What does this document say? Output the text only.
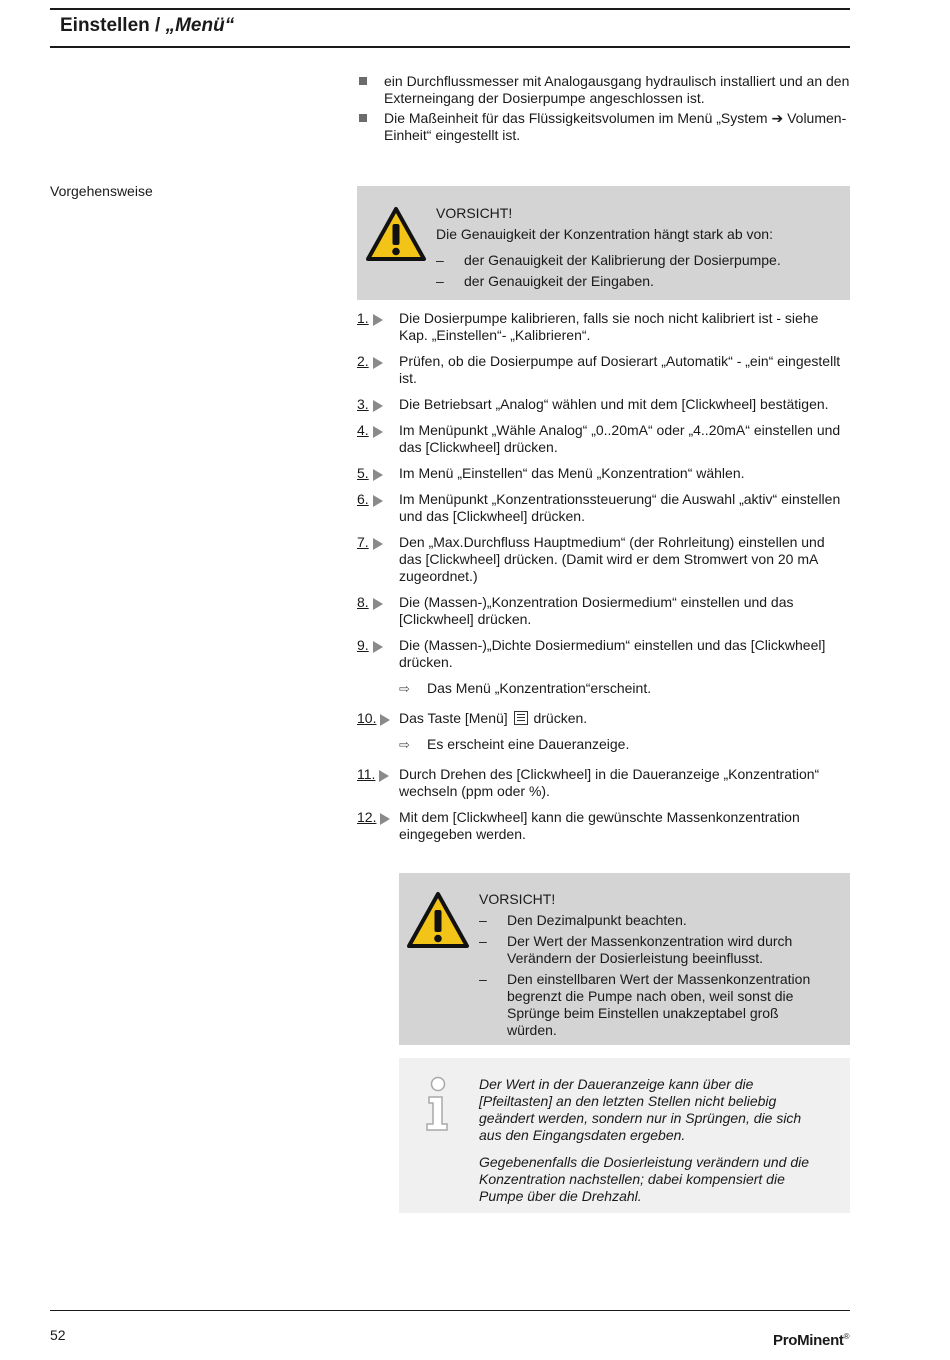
Einstellen / „Menü“
ein Durchflussmesser mit Analogausgang hydraulisch installiert und an den Externeingang der Dosierpumpe angeschlossen ist.
Die Maßeinheit für das Flüssigkeitsvolumen im Menü „System ➔ Volumen-Einheit“ eingestellt ist.
Vorgehensweise
VORSICHT!
Die Genauigkeit der Konzentration hängt stark ab von:
– der Genauigkeit der Kalibrierung der Dosierpumpe.
– der Genauigkeit der Eingaben.
1. Die Dosierpumpe kalibrieren, falls sie noch nicht kalibriert ist - siehe Kap. „Einstellen“- „Kalibrieren“.
2. Prüfen, ob die Dosierpumpe auf Dosierart „Automatik“ - „ein“ eingestellt ist.
3. Die Betriebsart „Analog“ wählen und mit dem [Clickwheel] bestätigen.
4. Im Menüpunkt „Wähle Analog“ „0..20mA“ oder „4..20mA“ einstellen und das [Clickwheel] drücken.
5. Im Menü „Einstellen“ das Menü „Konzentration“ wählen.
6. Im Menüpunkt „Konzentrationssteuerung“ die Auswahl „aktiv“ einstellen und das [Clickwheel] drücken.
7. Den „Max.Durchfluss Hauptmedium“ (der Rohrleitung) einstellen und das [Clickwheel] drücken. (Damit wird er dem Stromwert von 20 mA zugeordnet.)
8. Die (Massen-)„Konzentration Dosiermedium“ einstellen und das [Clickwheel] drücken.
9. Die (Massen-)„Dichte Dosiermedium“ einstellen und das [Clickwheel] drücken.
⇨ Das Menü „Konzentration“erscheint.
10. Das Taste [Menü] drücken.
⇨ Es erscheint eine Daueranzeige.
11. Durch Drehen des [Clickwheel] in die Daueranzeige „Konzentration“ wechseln (ppm oder %).
12. Mit dem [Clickwheel] kann die gewünschte Massenkonzentration eingegeben werden.
VORSICHT!
– Den Dezimalpunkt beachten.
– Der Wert der Massenkonzentration wird durch Verändern der Dosierleistung beeinflusst.
– Den einstellbaren Wert der Massenkonzentration begrenzt die Pumpe nach oben, weil sonst die Sprünge beim Einstellen unakzeptabel groß würden.

Der Wert in der Daueranzeige kann über die [Pfeiltasten] an den letzten Stellen nicht beliebig geändert werden, sondern nur in Sprüngen, die sich aus den Eingangsdaten ergeben.

Gegebenenfalls die Dosierleistung verändern und die Konzentration nachstellen; dabei kompensiert die Pumpe über die Drehzahl.

52	ProMinent®
